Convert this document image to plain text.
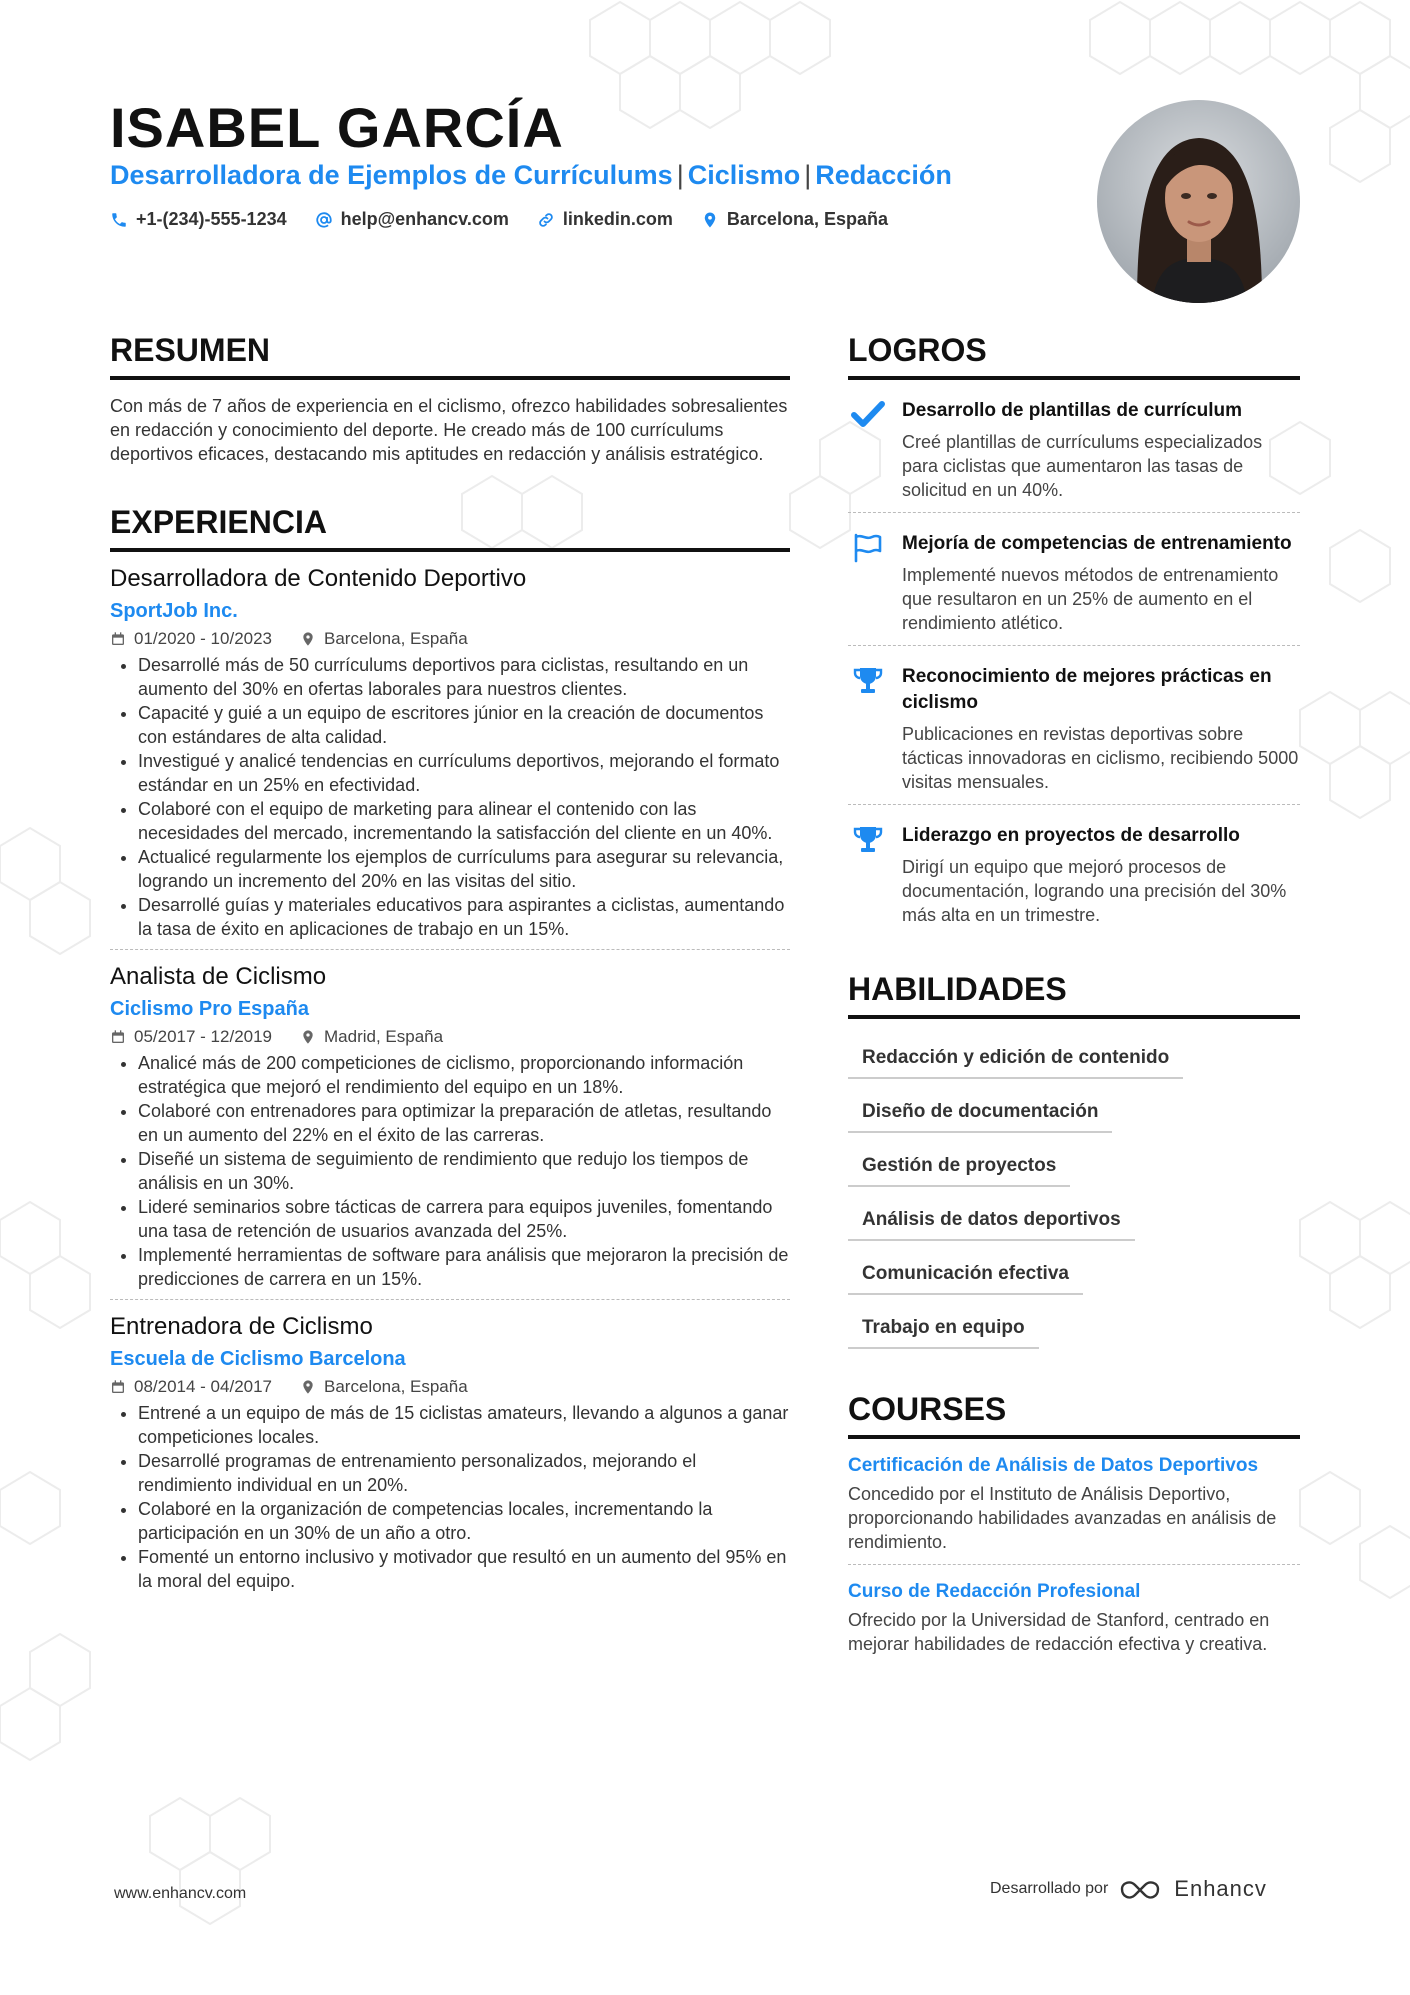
ISABEL GARCÍA
Desarrolladora de Ejemplos de Currículums | Ciclismo | Redacción
+1-(234)-555-1234	help@enhancv.com	linkedin.com	Barcelona, España
RESUMEN

Con más de 7 años de experiencia en el ciclismo, ofrezco habilidades sobresalientes en redacción y conocimiento del deporte. He creado más de 100 currículums deportivos eficaces, destacando mis aptitudes en redacción y análisis estratégico.

EXPERIENCIA
Desarrolladora de Contenido Deportivo
SportJob Inc.
01/2020 - 10/2023	Barcelona, España
• Desarrollé más de 50 currículums deportivos para ciclistas, resultando en un aumento del 30% en ofertas laborales para nuestros clientes.
• Capacité y guié a un equipo de escritores júnior en la creación de documentos con estándares de alta calidad.
• Investigué y analicé tendencias en currículums deportivos, mejorando el formato estándar en un 25% en efectividad.
• Colaboré con el equipo de marketing para alinear el contenido con las necesidades del mercado, incrementando la satisfacción del cliente en un 40%.
• Actualicé regularmente los ejemplos de currículums para asegurar su relevancia, logrando un incremento del 20% en las visitas del sitio.
• Desarrollé guías y materiales educativos para aspirantes a ciclistas, aumentando la tasa de éxito en aplicaciones de trabajo en un 15%.
Analista de Ciclismo
Ciclismo Pro España
05/2017 - 12/2019	Madrid, España
• Analicé más de 200 competiciones de ciclismo, proporcionando información estratégica que mejoró el rendimiento del equipo en un 18%.
• Colaboré con entrenadores para optimizar la preparación de atletas, resultando en un aumento del 22% en el éxito de las carreras.
• Diseñé un sistema de seguimiento de rendimiento que redujo los tiempos de análisis en un 30%.
• Lideré seminarios sobre tácticas de carrera para equipos juveniles, fomentando una tasa de retención de usuarios avanzada del 25%.
• Implementé herramientas de software para análisis que mejoraron la precisión de predicciones de carrera en un 15%.
Entrenadora de Ciclismo
Escuela de Ciclismo Barcelona
08/2014 - 04/2017	Barcelona, España
• Entrené a un equipo de más de 15 ciclistas amateurs, llevando a algunos a ganar competiciones locales.
• Desarrollé programas de entrenamiento personalizados, mejorando el rendimiento individual en un 20%.
• Colaboré en la organización de competencias locales, incrementando la participación en un 30% de un año a otro.
• Fomenté un entorno inclusivo y motivador que resultó en un aumento del 95% en la moral del equipo.
LOGROS
Desarrollo de plantillas de currículum
Creé plantillas de currículums especializados para ciclistas que aumentaron las tasas de solicitud en un 40%.
Mejoría de competencias de entrenamiento
Implementé nuevos métodos de entrenamiento que resultaron en un 25% de aumento en el rendimiento atlético.
Reconocimiento de mejores prácticas en ciclismo
Publicaciones en revistas deportivas sobre tácticas innovadoras en ciclismo, recibiendo 5000 visitas mensuales.
Liderazgo en proyectos de desarrollo
Dirigí un equipo que mejoró procesos de documentación, logrando una precisión del 30% más alta en un trimestre.
HABILIDADES
Redacción y edición de contenido
Diseño de documentación
Gestión de proyectos
Análisis de datos deportivos
Comunicación efectiva
Trabajo en equipo
COURSES
Certificación de Análisis de Datos Deportivos
Concedido por el Instituto de Análisis Deportivo, proporcionando habilidades avanzadas en análisis de rendimiento.
Curso de Redacción Profesional
Ofrecido por la Universidad de Stanford, centrado en mejorar habilidades de redacción efectiva y creativa.
www.enhancv.com	Desarrollado por	Enhancv
